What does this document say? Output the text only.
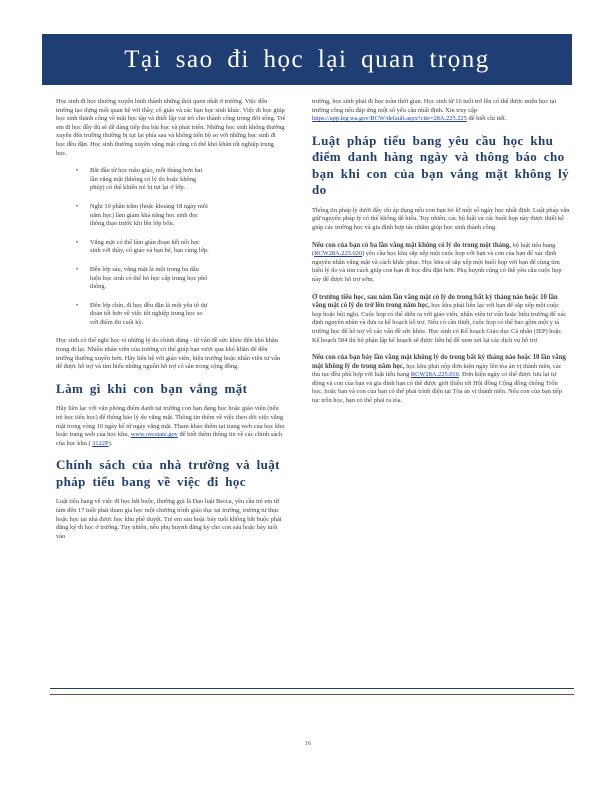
Tại sao đi học lại quan trọng

Học sinh đi học thường xuyên hình thành những thói quen nhất ở trường. Việc đến trường tạo dựng mối quan hệ với thầy, cô giáo và các bạn học sinh khác. Việc đi học giúp học sinh thành công về mặt học tập và thiết lập vai trò cho thành công trong đời sống. Trẻ em đi học đầy đủ sẽ dễ dàng tiếp thu bài học và phát triển. Những học sinh không thường xuyên đến trường thường bị tụt lại phía sau và không tiến bộ so với những học sinh đi học đều đặn. Học sinh thường xuyên vắng mặt cũng có thể khó khăn tốt nghiệp trung học.

• Bắt đầu từ học mẫu giáo, mỗi tháng hơn hai lần vắng mặt (không có lý do hoặc không phép) có thể khiến trẻ bị tụt lại ở lớp.
• Nghỉ 10 phần trăm (hoặc khoảng 18 ngày mỗi năm học) làm giảm khả năng học sinh đọc thông thạo trước khi lên lớp bốn.
• Vắng mặt có thể làm gián đoạn kết nối học sinh với thầy, cô giáo và bạn bè, bạn cùng lớp.
• Đến lớp sáu, vắng mặt là một trong ba dấu hiệu học sinh có thể bỏ học cấp trung học phổ thông.
• Đến lớp chín, đi học đều đặn là một yếu tố dự đoán tốt hơn về việc tốt nghiệp trung học so với điểm thi cuối kỳ.

Học sinh có thể nghỉ học vì những lý do chính đáng - từ vấn đề sức khỏe đến khó khăn trong đi lại. Nhiều nhân viên của trường có thể giúp bạn vượt qua khó khăn để đến trường thường xuyên hơn. Hãy liên hệ với giáo viên, hiệu trưởng hoặc nhân viên tư vấn để được hỗ trợ và tìm hiểu những nguồn hỗ trợ có sẵn trong cộng đồng.

Làm gì khi con bạn vắng mặt

Hãy liên lạc với văn phòng điểm danh tại trường con bạn đang học hoặc giáo viên (nếu trẻ học tiểu học) để thông báo lý do vắng mặt. Thông tin thêm về việc theo dõi việc vắng mặt trong vòng 10 ngày kể từ ngày vắng mặt. Tham khảo thêm tại trang web của học khu hoặc trang web của học khu, www.ovcstate.gov để biết thêm thông tin về các chính sách của học khu ( 3122P).

Chính sách của nhà trường và luật pháp tiểu bang về việc đi học

Luật tiểu bang về việc đi học bắt buộc, thường gọi là Đạo luật Becca, yêu cầu trẻ em từ tám đến 17 tuổi phải tham gia học một chương trình giáo dục tại trường, trường tư thục hoặc học tại nhà được học khu phê duyệt. Trẻ em sáu hoặc bảy tuổi không bắt buộc phải đăng ký đi học ở trường. Tuy nhiên, nếu phụ huynh đăng ký cho con sáu hoặc bảy tuổi vào

trường, học sinh phải đi học toàn thời gian. Học sinh từ 16 tuổi trở lên có thể được miễn học tại trường công nếu đáp ứng một số yêu cầu nhất định. Xin truy cập https://app.leg.wa.gov/RCW/default.aspx?cite=28A.225.225 để biết chi tiết.

Luật pháp tiểu bang yêu cầu học khu điểm danh hàng ngày và thông báo cho bạn khi con của bạn vắng mặt không lý do

Thông tin pháp lý dưới đây chỉ áp dụng nếu con bạn bỏ lỡ một số ngày học nhất định. Luật pháp vẫn giữ nguyên pháp lý có thể không dễ hiểu. Tuy nhiên, các bộ luật và các buổi họp này được thiết kế giúp các trường học và gia đình hợp tác nhằm giúp học sinh thành công.

Nếu con của bạn có ba lần vắng mặt không có lý do trong một tháng, bộ luật tiểu bang (RCW28A.225.020) yêu cầu học khu sắp xếp một cuộc họp với bạn và con của bạn để xác định nguyên nhân vắng mặt và cách khắc phục. Học khu sẽ sắp xếp một buổi họp với bạn để cùng tìm hiểu lý do và tìm cách giúp con bạn đi học đều đặn hơn. Phụ huynh cũng có thể yêu cầu cuộc họp này để được hỗ trợ sớm.

Ở trường tiểu học, sau năm lần vắng mặt có lý do trong bất kỳ tháng nào hoặc 10 lần vắng mặt có lý do trở lên trong năm học, học khu phải liên lạc với bạn để sắp xếp một cuộc họp hoặc hội nghị. Cuộc họp có thể diễn ra với giáo viên, nhân viên tư vấn hoặc hiệu trưởng để xác định nguyên nhân và đưa ra kế hoạch hỗ trợ. Nếu có cần thiết, cuộc họp có thể bao gồm một y tá trường học để hỗ trợ về các vấn đề sức khỏe. Học sinh có Kế hoạch Giáo dục Cá nhân (IEP) hoặc Kế hoạch 504 thì bộ phận lập kế hoạch sẽ được liên hệ để xem xét lại các dịch vụ hỗ trợ.

Nếu con của bạn bảy lần vắng mặt không lý do trong bất kỳ tháng nào hoặc 10 lần vắng mặt không lý do trong năm học, học khu phải nộp đơn kiện ngày lên tòa án vị thành niên, các thủ tục đều phù hợp với luật tiểu bang RCW28A.225.010. Đơn kiện ngày có thể được lưu lại tự động và con của bạn và gia đình bạn có thể được giới thiệu tới Hội đồng Cộng đồng chống Trốn học, hoặc bạn và con của bạn có thể phải trình diện tại Tòa án vị thành niên. Nếu con của bạn tiếp tục trốn học, bạn có thể phải ra tòa.

16
